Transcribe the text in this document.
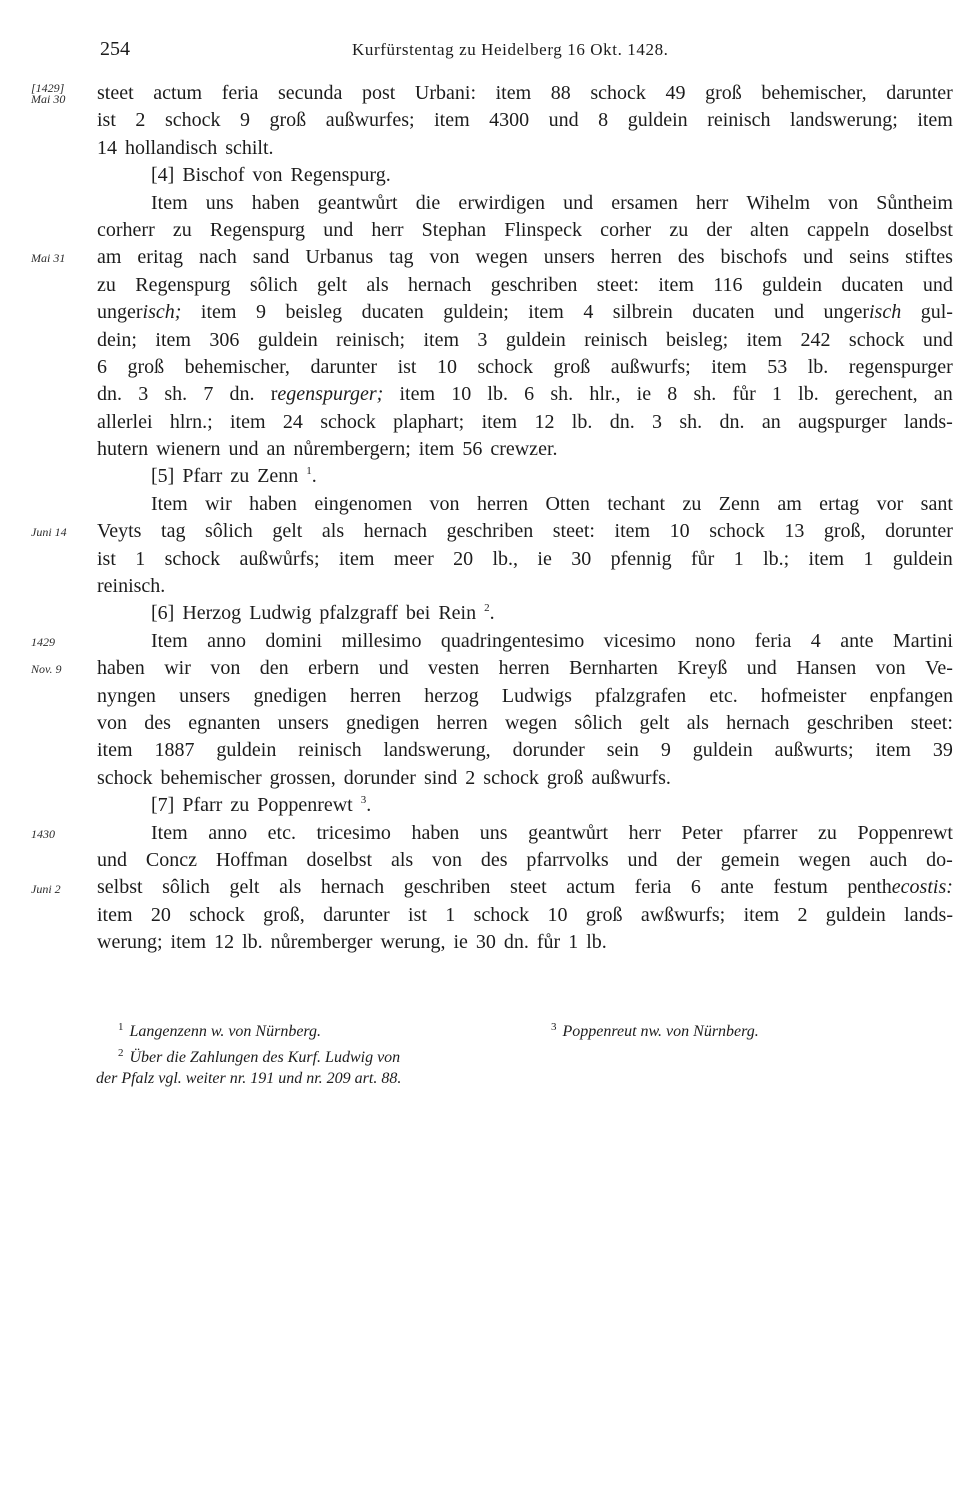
254	Kurfürstentag zu Heidelberg 16 Okt. 1428.
steet actum feria secunda post Urbani: item 88 schock 49 groß behemischer, darunter
ist 2 schock 9 groß außwurfes; item 4300 und 8 guldein reinisch landswerung; item
14 hollandisch schilt.
[4] Bischof von Regenspurg.
Item uns haben geantwůrt die erwirdigen und ersamen herr Wihelm von Sůntheim
corherr zu Regenspurg und herr Stephan Flinspeck corher zu der alten cappeln doselbst
am eritag nach sand Urbanus tag von wegen unsers herren des bischofs und seins stiftes
zu Regenspurg sôlich gelt als hernach geschriben steet: item 116 guldein ducaten und
ungerisch; item 9 beisleg ducaten guldein; item 4 silbrein ducaten und ungerisch gul-
dein; item 306 guldein reinisch; item 3 guldein reinisch beisleg; item 242 schock und
6 groß behemischer, darunter ist 10 schock groß außwurfs; item 53 lb. regenspurger
dn. 3 sh. 7 dn. regenspurger; item 10 lb. 6 sh. hlr., ie 8 sh. fůr 1 lb. gerechent, an
allerlei hlrn.; item 24 schock plaphart; item 12 lb. dn. 3 sh. dn. an augspurger lands-
hutern wienern und an nůrembergern; item 56 crewzer.
[5] Pfarr zu Zenn $^1$.
Item wir haben eingenomen von herren Otten techant zu Zenn am ertag vor sant
Veyts tag sôlich gelt als hernach geschriben steet: item 10 schock 13 groß, dorunter
ist 1 schock außwůrfs; item meer 20 lb., ie 30 pfennig fůr 1 lb.; item 1 guldein
reinisch.
[6] Herzog Ludwig pfalzgraff bei Rein $^2$.
Item anno domini millesimo quadringentesimo vicesimo nono feria 4 ante Martini
haben wir von den erbern und vesten herren Bernharten Kreyß und Hansen von Ve-
nyngen unsers gnedigen herren herzog Ludwigs pfalzgrafen etc. hofmeister enpfangen
von des egnanten unsers gnedigen herren wegen sôlich gelt als hernach geschriben steet:
item 1887 guldein reinisch landswerung, dorunder sein 9 guldein außwurts; item 39
schock behemischer grossen, dorunder sind 2 schock groß außwurfs.
[7] Pfarr zu Poppenrewt $^3$.
Item anno etc. tricesimo haben uns geantwůrt herr Peter pfarrer zu Poppenrewt
und Concz Hoffman doselbst als von des pfarrvolks und der gemein wegen auch do-
selbst sôlich gelt als hernach geschriben steet actum feria 6 ante festum penthecostis:
item 20 schock groß, darunter ist 1 schock 10 groß awßwurfs; item 2 guldein lands-
werung; item 12 lb. nůremberger werung, ie 30 dn. fůr 1 lb.
[1429]
Mai 30
Mai 31
Juni 14
1429
Nov. 9
1430
Juni 2
$^1$ Langenzenn w. von Nürnberg.
$^2$ Über die Zahlungen des Kurf. Ludwig von
der Pfalz vgl. weiter nr. 191 und nr. 209 art. 88.
$^3$ Poppenreut nw. von Nürnberg.
